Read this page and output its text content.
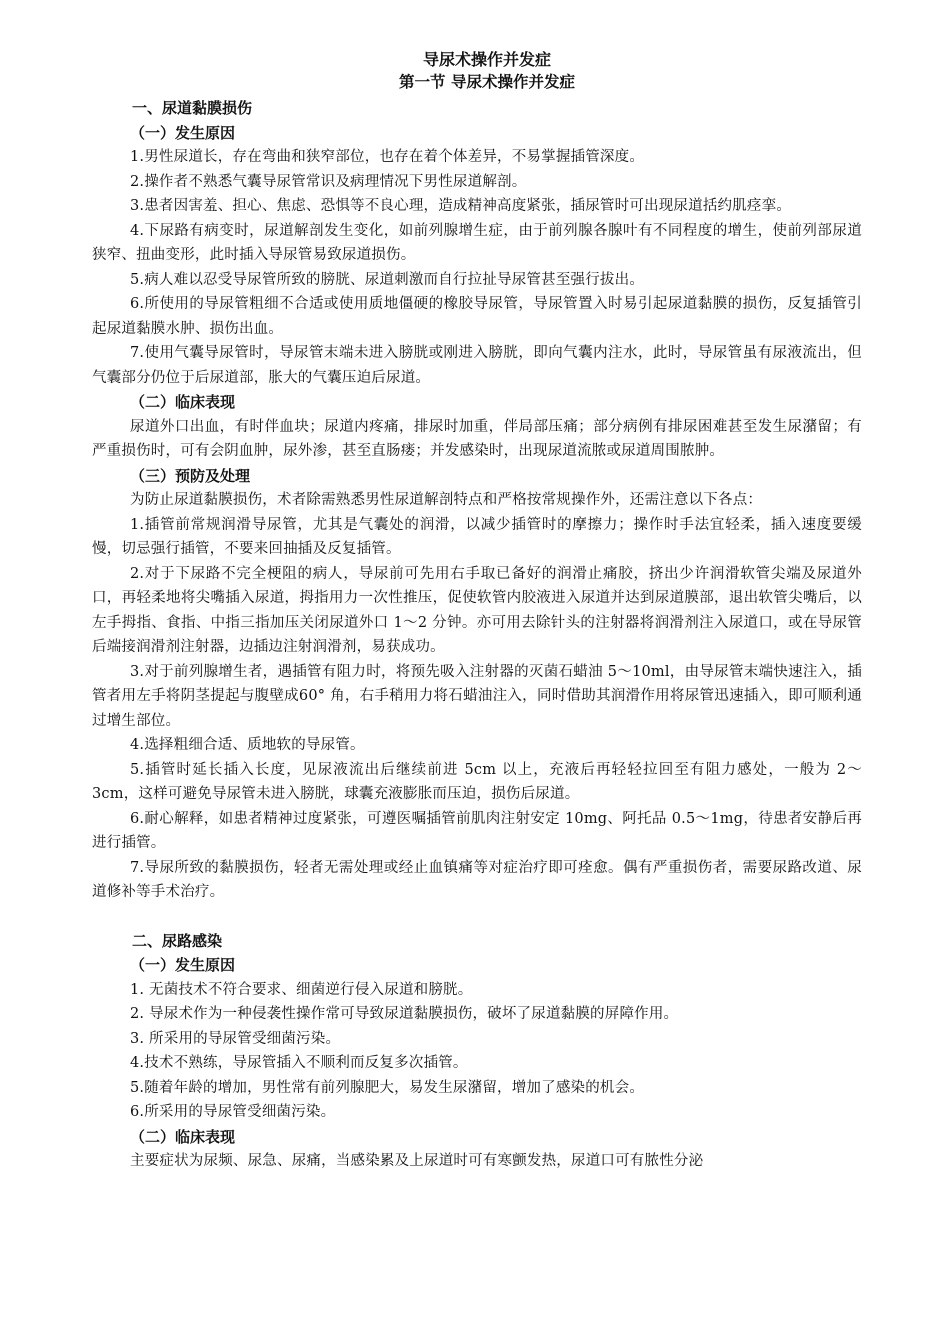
导尿术操作并发症
第一节 导尿术操作并发症
一、尿道黏膜损伤
（一）发生原因

1.男性尿道长，存在弯曲和狭窄部位，也存在着个体差异，不易掌握插管深度。

2.操作者不熟悉气囊导尿管常识及病理情况下男性尿道解剖。

3.患者因害羞、担心、焦虑、恐惧等不良心理，造成精神高度紧张，插尿管时可出现尿道括约肌痉挛。

4.下尿路有病变时，尿道解剖发生变化，如前列腺增生症，由于前列腺各腺叶有不同程度的增生，使前列部尿道狭窄、扭曲变形，此时插入导尿管易致尿道损伤。

5.病人难以忍受导尿管所致的膀胱、尿道刺激而自行拉扯导尿管甚至强行拔出。

6.所使用的导尿管粗细不合适或使用质地僵硬的橡胶导尿管，导尿管置入时易引起尿道黏膜的损伤，反复插管引起尿道黏膜水肿、损伤出血。

7.使用气囊导尿管时，导尿管末端未进入膀胱或刚进入膀胱，即向气囊内注水，此时，导尿管虽有尿液流出，但气囊部分仍位于后尿道部，胀大的气囊压迫后尿道。

（二）临床表现

尿道外口出血，有时伴血块；尿道内疼痛，排尿时加重，伴局部压痛；部分病例有排尿困难甚至发生尿潴留；有严重损伤时，可有会阴血肿，尿外渗，甚至直肠瘘；并发感染时，出现尿道流脓或尿道周围脓肿。

（三）预防及处理

为防止尿道黏膜损伤，术者除需熟悉男性尿道解剖特点和严格按常规操作外，还需注意以下各点：

1.插管前常规润滑导尿管，尤其是气囊处的润滑，以减少插管时的摩擦力；操作时手法宜轻柔，插入速度要缓慢，切忌强行插管，不要来回抽插及反复插管。

2.对于下尿路不完全梗阻的病人，导尿前可先用右手取已备好的润滑止痛胶，挤出少许润滑软管尖端及尿道外口，再轻柔地将尖嘴插入尿道，拇指用力一次性推压，促使软管内胶液进入尿道并达到尿道膜部，退出软管尖嘴后，以左手拇指、食指、中指三指加压关闭尿道外口 1～2 分钟。亦可用去除针头的注射器将润滑剂注入尿道口，或在导尿管后端接润滑剂注射器，边插边注射润滑剂，易获成功。

3.对于前列腺增生者，遇插管有阻力时，将预先吸入注射器的灭菌石蜡油 5～10ml，由导尿管末端快速注入，插管者用左手将阴茎提起与腹壁成60° 角，右手稍用力将石蜡油注入，同时借助其润滑作用将尿管迅速插入，即可顺利通过增生部位。

4.选择粗细合适、质地软的导尿管。

5.插管时延长插入长度，见尿液流出后继续前进 5cm 以上，充液后再轻轻拉回至有阻力感处，一般为 2～3cm，这样可避免导尿管未进入膀胱，球囊充液膨胀而压迫，损伤后尿道。

6.耐心解释，如患者精神过度紧张，可遵医嘱插管前肌肉注射安定 10mg、阿托品 0.5～1mg，待患者安静后再进行插管。

7.导尿所致的黏膜损伤，轻者无需处理或经止血镇痛等对症治疗即可痊愈。偶有严重损伤者，需要尿路改道、尿道修补等手术治疗。

二、尿路感染
（一）发生原因

1. 无菌技术不符合要求、细菌逆行侵入尿道和膀胱。

2. 导尿术作为一种侵袭性操作常可导致尿道黏膜损伤，破坏了尿道黏膜的屏障作用。

3. 所采用的导尿管受细菌污染。

4.技术不熟练，导尿管插入不顺利而反复多次插管。

5.随着年龄的增加，男性常有前列腺肥大，易发生尿潴留，增加了感染的机会。

6.所采用的导尿管受细菌污染。

（二）临床表现

主要症状为尿频、尿急、尿痛，当感染累及上尿道时可有寒颤发热，尿道口可有脓性分泌
